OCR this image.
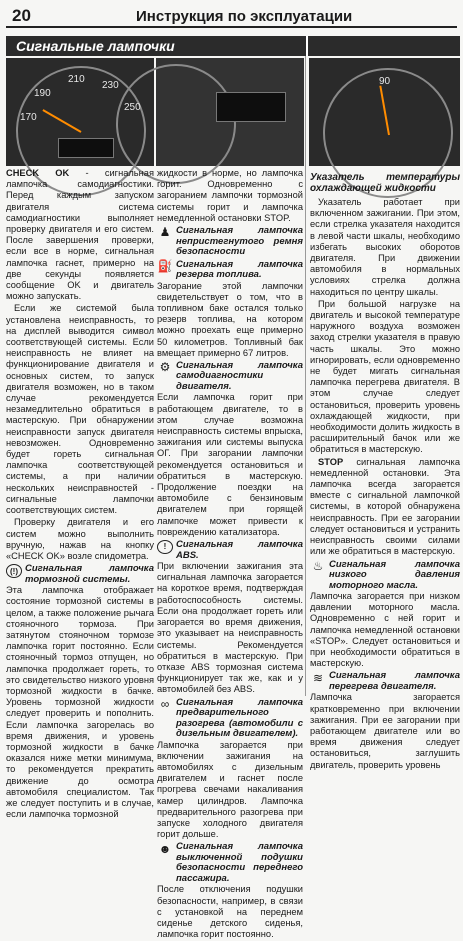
20	Инструкция по эксплуатации
Сигнальные лампочки
210
230
190
170
250
90

CHECK OK - сигнальная лампочка самодиагностики. Перед каждым запуском двигателя система самодиагностики выполняет проверку двигателя и его систем. После завершения проверки, если все в норме, сигнальная лампочка гаснет, примерно на две секунды появляется сообщение OK и двигатель можно запускать.

Если же системой была установлена неисправность, то на дисплей выводится символ соответствующей системы. Если неисправность не влияет на функционирование двигателя и основных систем, то запуск двигателя возможен, но в таком случае рекомендуется незамедлительно обратиться в мастерскую. При обнаружении неисправности запуск двигателя невозможен. Одновременно будет гореть сигнальная лампочка соответствующей системы, а при наличии нескольких неисправностей - сигнальные лампочки соответствующих систем.

Проверку двигателя и его систем можно выполнить вручную, нажав на кнопку «CHECK OK» возле спидометра.

(!) Сигнальная лампочка тормозной системы.

Эта лампочка отображает состояние тормозной системы в целом, а также положение рычага стояночного тормоза. При затянутом стояночном тормозе лампочка горит постоянно. Если стояночный тормоз отпущен, но лампочка продолжает гореть, то это свидетельство низкого уровня тормозной жидкости в бачке. Уровень тормозной жидкости следует проверить и пополнить. Если лампочка загорелась во время движения, и уровень тормозной жидкости в бачке оказался ниже метки минимума, то рекомендуется прекратить движение до осмотра автомобиля специалистом. Так же следует поступить и в случае, если лампочка тормозной

жидкости в норме, но лампочка горит. Одновременно с загоранием лампочки тормозной системы горит и лампочка немедленной остановки STOP.

♟ Сигнальная лампочка непристегнутого ремня безопасности
⛽ Сигнальная лампочка резерва топлива.

Загорание этой лампочки свидетельствует о том, что в топливном баке остался только резерв топлива, на котором можно проехать еще примерно 50 километров. Топливный бак вмещает примерно 67 литров.

⚙ Сигнальная лампочка самодиагностики двигателя.

Если лампочка горит при работающем двигателе, то в этом случае возможна неисправность системы впрыска, зажигания или системы выпуска ОГ. При загорании лампочки рекомендуется остановиться и обратиться в мастерскую. Продолжение поездки на автомобиле с бензиновым двигателем при горящей лампочке может привести к повреждению катализатора.

!	Сигнальная лампочка ABS.

При включении зажигания эта сигнальная лампочка загорается на короткое время, подтверждая работоспособность системы. Если она продолжает гореть или загорается во время движения, это указывает на неисправность системы. Рекомендуется обратиться в мастерскую. При отказе ABS тормозная система функционирует так же, как и у автомобилей без ABS.

∞ Сигнальная лампочка предварительного разогрева (автомобили с дизельным двигателем).

Лампочка загорается при включении зажигания на автомобилях с дизельным двигателем и гаснет после прогрева свечами накаливания камер цилиндров. Лампочка предварительного разогрева при запуске холодного двигателя горит дольше.

☻ Сигнальная лампочка выключенной подушки безопасности переднего пассажира.

После отключения подушки безопасности, например, в связи с установкой на переднем сиденье детского сиденья, лампочка горит постоянно.

Указатель температуры охлаждающей жидкости

Указатель работает при включенном зажигании. При этом, если стрелка указателя находится в левой части шкалы, необходимо избегать высоких оборотов двигателя. При движении автомобиля в нормальных условиях стрелка должна находиться по центру шкалы.

При большой нагрузке на двигатель и высокой температуре наружного воздуха возможен заход стрелки указателя в правую часть шкалы. Это можно игнорировать, если одновременно не будет мигать сигнальная лампочка перегрева двигателя. В этом случае следует остановиться, проверить уровень охлаждающей жидкости, при необходимости долить жидкость в расширительный бачок или же обратиться в мастерскую.

STOP сигнальная лампочка немедленной остановки. Эта лампочка всегда загорается вместе с сигнальной лампочкой системы, в которой обнаружена неисправность. При ее загорании следует остановиться и устранить неисправность своими силами или же обратиться в мастерскую.

♨ Сигнальная лампочка низкого давления моторного масла.

Лампочка загорается при низком давлении моторного масла. Одновременно с ней горит и лампочка немедленной остановки «STOP». Следует остановиться и при необходимости обратиться в мастерскую.

≋ Сигнальная лампочка перегрева двигателя.

Лампочка загорается кратковременно при включении зажигания. При ее загорании при работающем двигателе или во время движения следует остановиться, заглушить двигатель, проверить уровень
